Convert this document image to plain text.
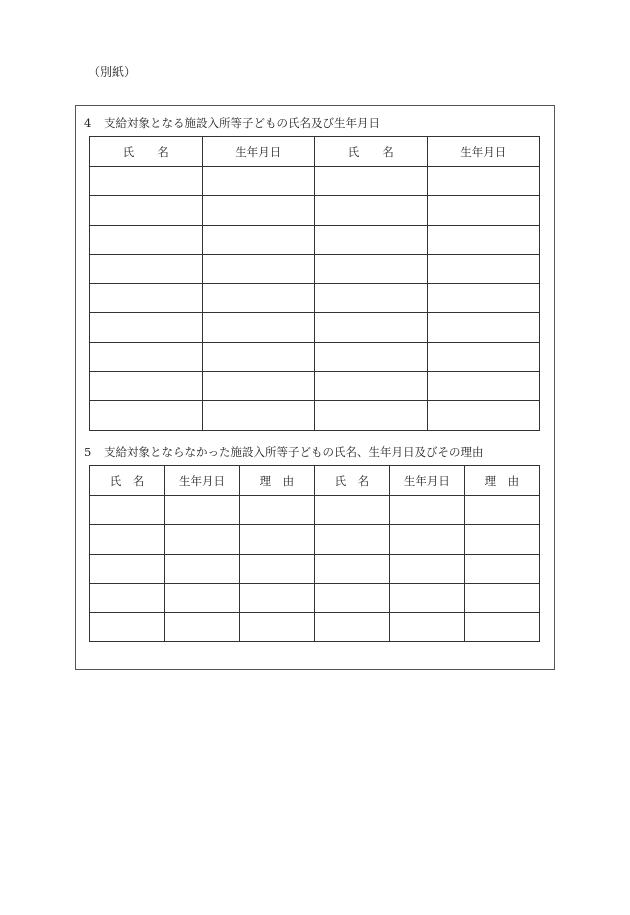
（別紙）
4 支給対象となる施設入所等子どもの氏名及び生年月日
氏　　名	生年月日	氏　　名	生年月日

5 支給対象とならなかった施設入所等子どもの氏名、生年月日及びその理由
氏　名	生年月日	理　由	氏　名	生年月日	理　由
